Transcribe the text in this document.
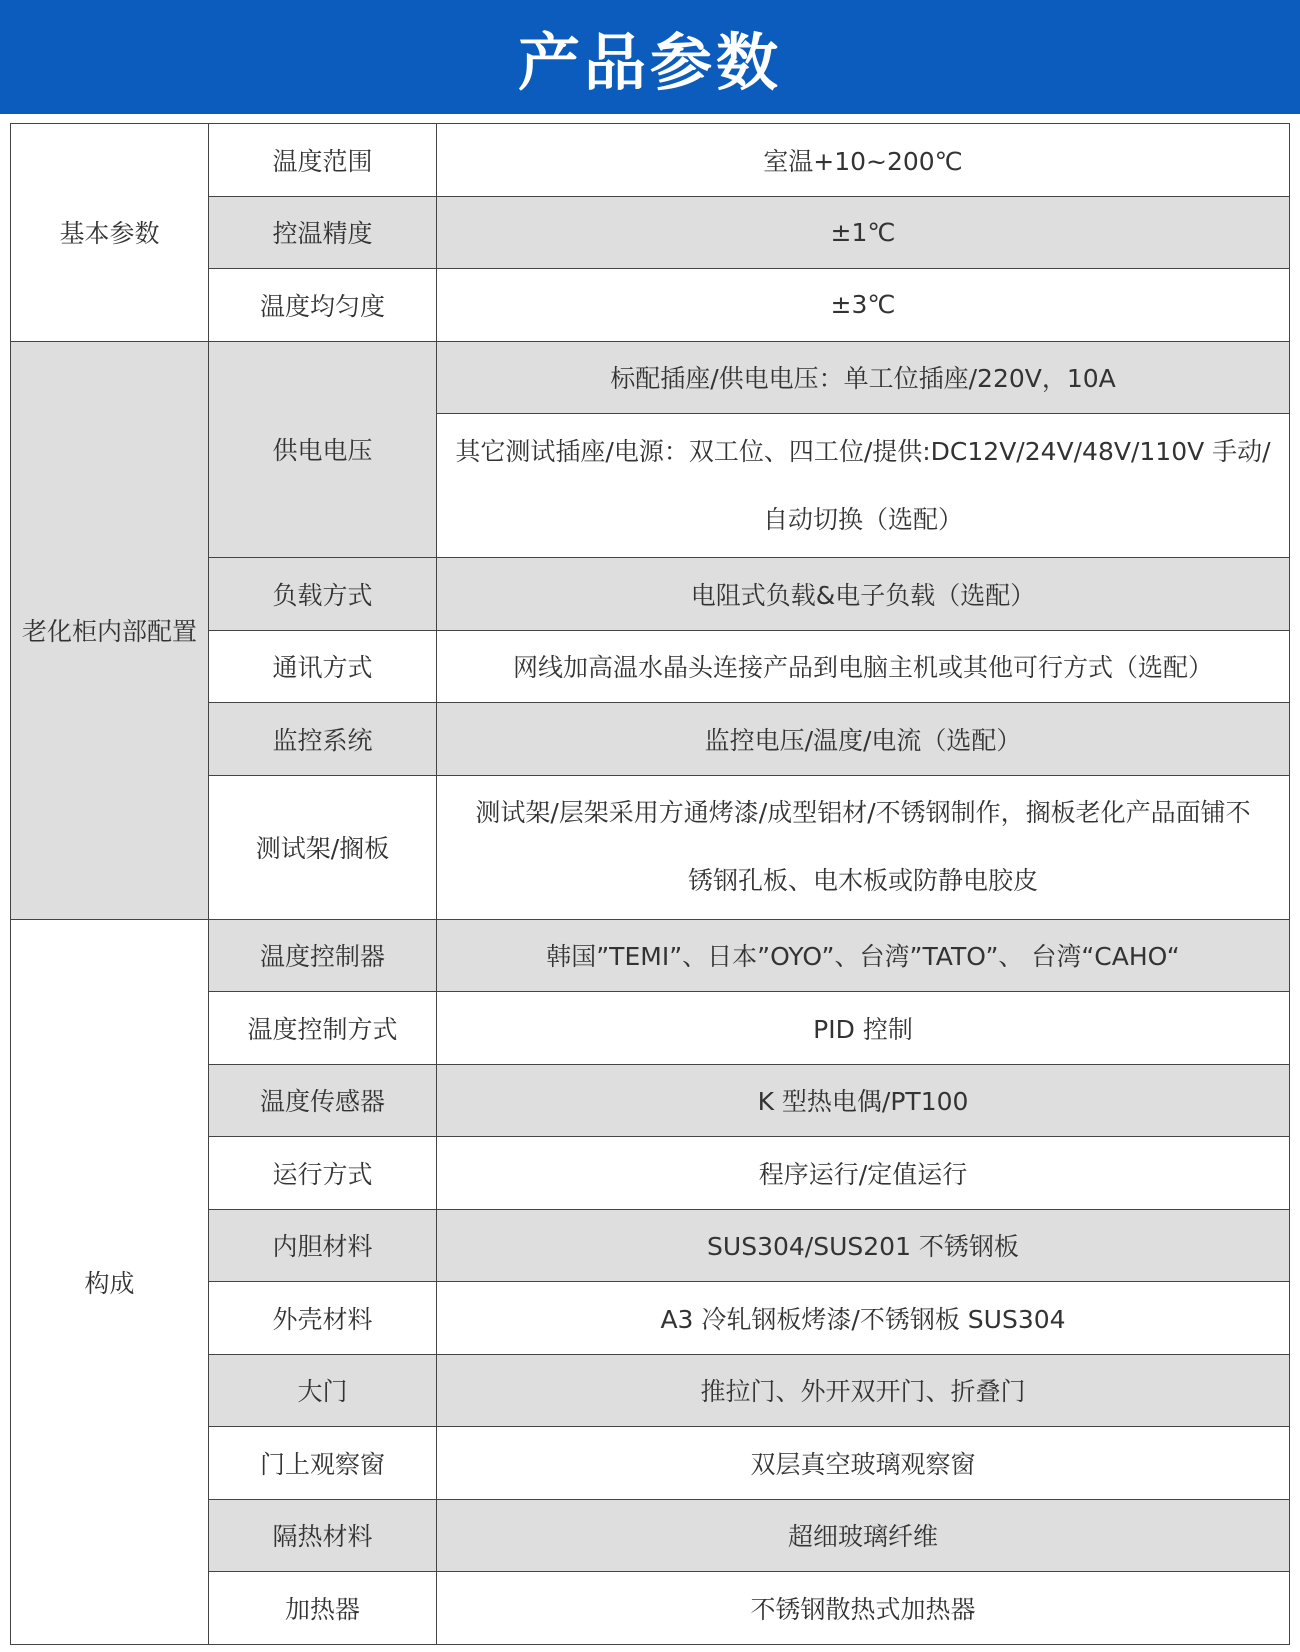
产品参数
基本参数	温度范围	室温+10~200℃
	控温精度	±1℃
	温度均匀度	±3℃
老化柜内部配置	供电电压	标配插座/供电电压：单工位插座/220V，10A

		其它测试插座/电源：双工位、四工位/提供:DC12V/24V/48V/110V 手动/
自动切换（选配）

	负载方式	电阻式负载&电子负载（选配）
	通讯方式	网线加高温水晶头连接产品到电脑主机或其他可行方式（选配）
	监控系统	监控电压/温度/电流（选配）
	测试架/搁板	测试架/层架采用方通烤漆/成型铝材/不锈钢制作，搁板老化产品面铺不
锈钢孔板、电木板或防静电胶皮

构成	温度控制器	韩国”TEMI”、日本”OYO”、台湾”TATO”、 台湾“CAHO“
	温度控制方式	PID 控制
	温度传感器	K 型热电偶/PT100
	运行方式	程序运行/定值运行
	内胆材料	SUS304/SUS201 不锈钢板
	外壳材料	A3 冷轧钢板烤漆/不锈钢板 SUS304
	大门	推拉门、外开双开门、折叠门
	门上观察窗	双层真空玻璃观察窗
	隔热材料	超细玻璃纤维
	加热器	不锈钢散热式加热器
